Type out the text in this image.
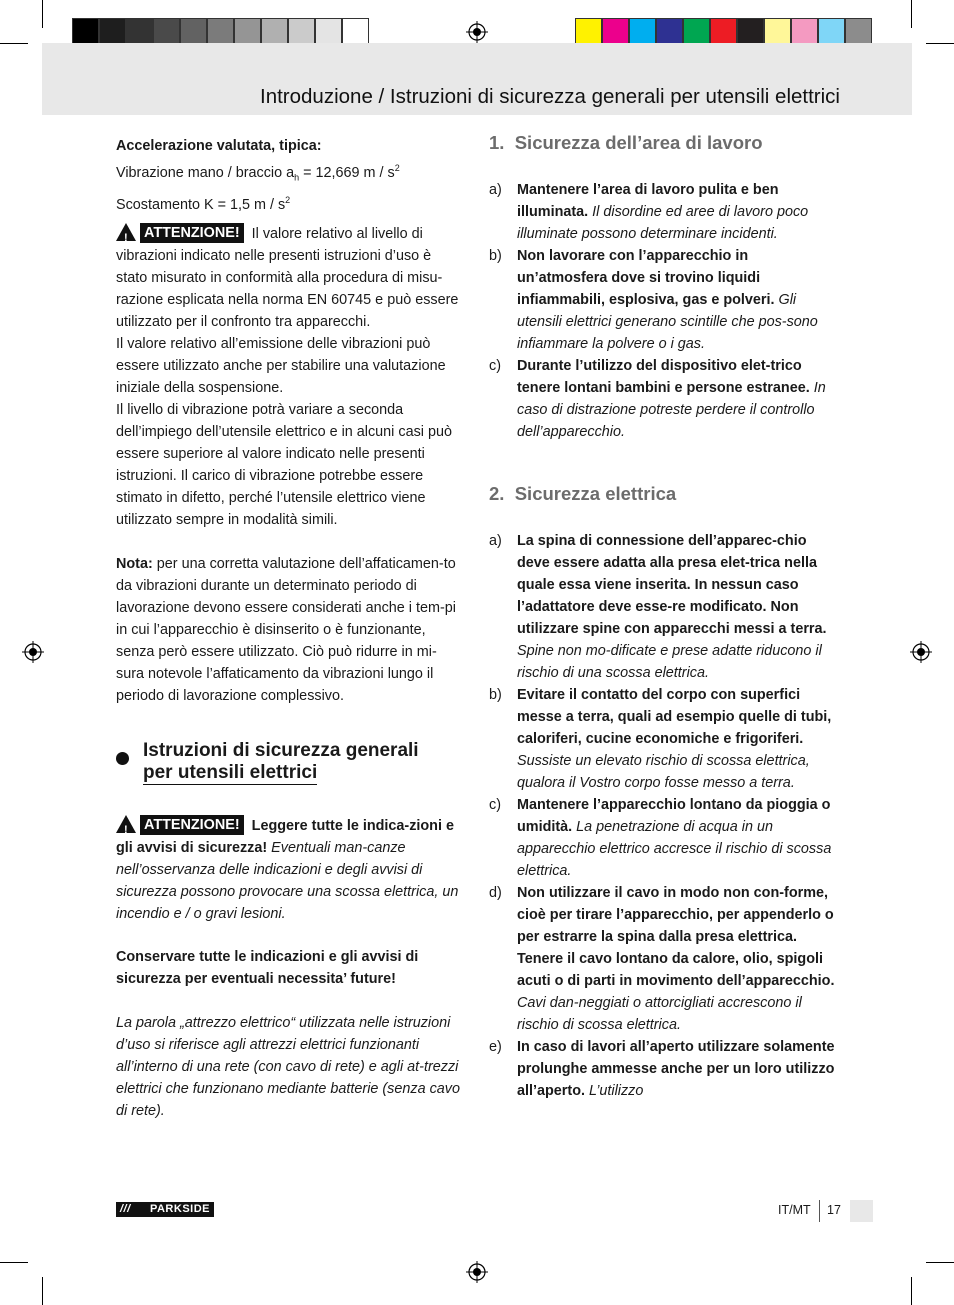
Introduzione / Istruzioni di sicurezza generali per utensili elettrici

Accelerazione valutata, tipica:

Vibrazione mano / braccio $a_h = 12,669$ m / $s^2$

Scostamento K = 1,5 m / $s^2$

! ATTENZIONE! Il valore relativo al livello di vibrazioni indicato nelle presenti istruzioni d’uso è stato misurato in conformità alla procedura di misu-razione esplicata nella norma EN 60745 e può essere utilizzato per il confronto tra apparecchi.

Il valore relativo all’emissione delle vibrazioni può essere utilizzato anche per stabilire una valutazione iniziale della sospensione.

Il livello di vibrazione potrà variare a seconda dell’impiego dell’utensile elettrico e in alcuni casi può essere superiore al valore indicato nelle presenti istruzioni. Il carico di vibrazione potrebbe essere stimato in difetto, perché l’utensile elettrico viene utilizzato sempre in modalità simili.

Nota: per una corretta valutazione dell’affaticamen-to da vibrazioni durante un determinato periodo di lavorazione devono essere considerati anche i tem-pi in cui l’apparecchio è disinserito o è funzionante, senza però essere utilizzato. Ciò può ridurre in mi-sura notevole l’affaticamento da vibrazioni lungo il periodo di lavorazione complessivo.

Istruzioni di sicurezza generali
per utensili elettrici

! ATTENZIONE! Leggere tutte le indica-zioni e gli avvisi di sicurezza! Eventuali man-canze nell’osservanza delle indicazioni e degli avvisi di sicurezza possono provocare una scossa elettrica, un incendio e / o gravi lesioni.

Conservare tutte le indicazioni e gli avvisi di sicurezza per eventuali necessita’ future!

La parola „attrezzo elettrico“ utilizzata nelle istruzioni d’uso si riferisce agli attrezzi elettrici funzionanti all’interno di una rete (con cavo di rete) e agli at-trezzi elettrici che funzionano mediante batterie (senza cavo di rete).

1. Sicurezza dell’area di lavoro

a) Mantenere l’area di lavoro pulita e ben illuminata. Il disordine ed aree di lavoro poco illuminate possono determinare incidenti.

b) Non lavorare con l’apparecchio in un’atmosfera dove si trovino liquidi infiammabili, esplosiva, gas e polveri. Gli utensili elettrici generano scintille che pos-sono infiammare la polvere o i gas.

c) Durante l’utilizzo del dispositivo elet-trico tenere lontani bambini e persone estranee. In caso di distrazione potreste perdere il controllo dell’apparecchio.

2. Sicurezza elettrica

a) La spina di connessione dell’apparec-chio deve essere adatta alla presa elet-trica nella quale essa viene inserita. In nessun caso l’adattatore deve esse-re modificato. Non utilizzare spine con apparecchi messi a terra. Spine non mo-dificate e prese adatte riducono il rischio di una scossa elettrica.

b) Evitare il contatto del corpo con superfici messe a terra, quali ad esempio quelle di tubi, caloriferi, cucine economiche e frigoriferi. Sussiste un elevato rischio di scossa elettrica, qualora il Vostro corpo fosse messo a terra.

c) Mantenere l’apparecchio lontano da pioggia o umidità. La penetrazione di acqua in un apparecchio elettrico accresce il rischio di scossa elettrica.

d) Non utilizzare il cavo in modo non con-forme, cioè per tirare l’apparecchio, per appenderlo o per estrarre la spina dalla presa elettrica. Tenere il cavo lontano da calore, olio, spigoli acuti o di parti in movimento dell’apparecchio. Cavi dan-neggiati o attorcigliati accrescono il rischio di scossa elettrica.

e) In caso di lavori all’aperto utilizzare solamente prolunghe ammesse anche per un loro utilizzo all’aperto. L’utilizzo

/// PARKSIDE	IT/MT 17
